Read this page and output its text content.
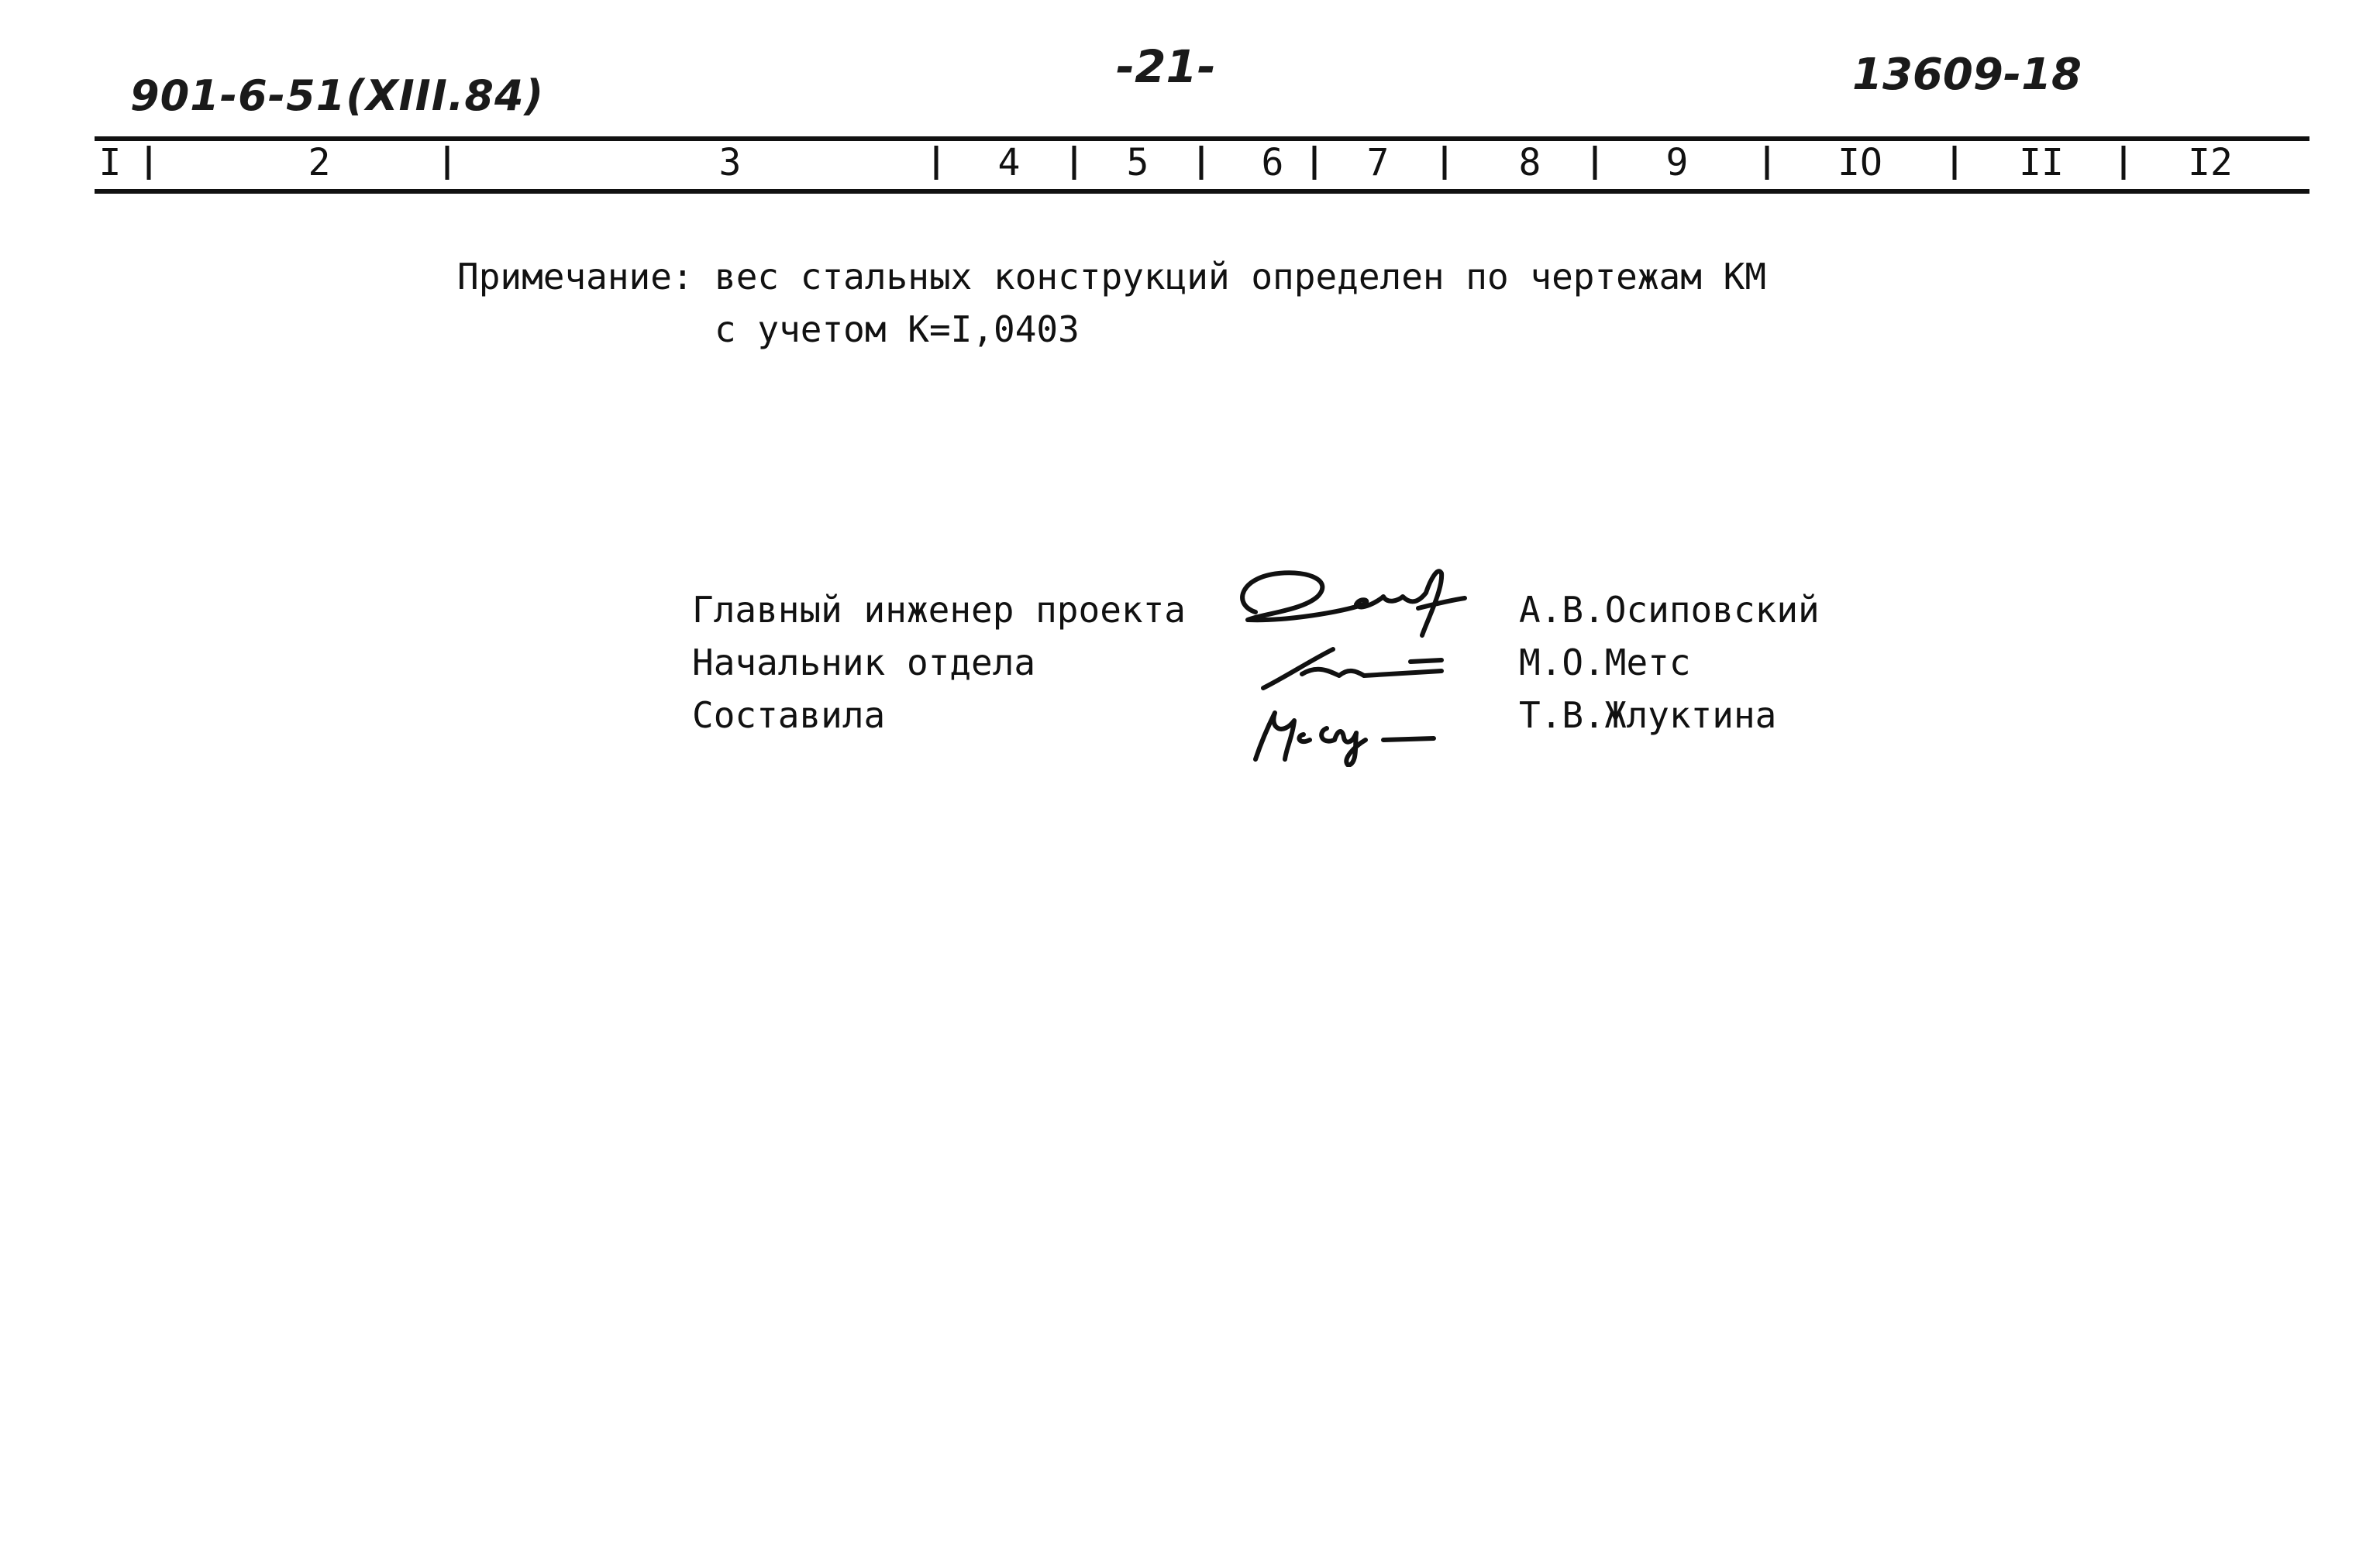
901-6-51(XIII.84)
-21-	13609-18
I	2	3	4	5	6 7	8	9	IO	II	I2
Примечание: вес стальных конструкций определен по чертежам КМ
с учетом К=I,0403
Главный инженер проекта
Начальник отдела
Составила
А.В.Осиповский
М.О.Метс
Т.В.Жлуктина
